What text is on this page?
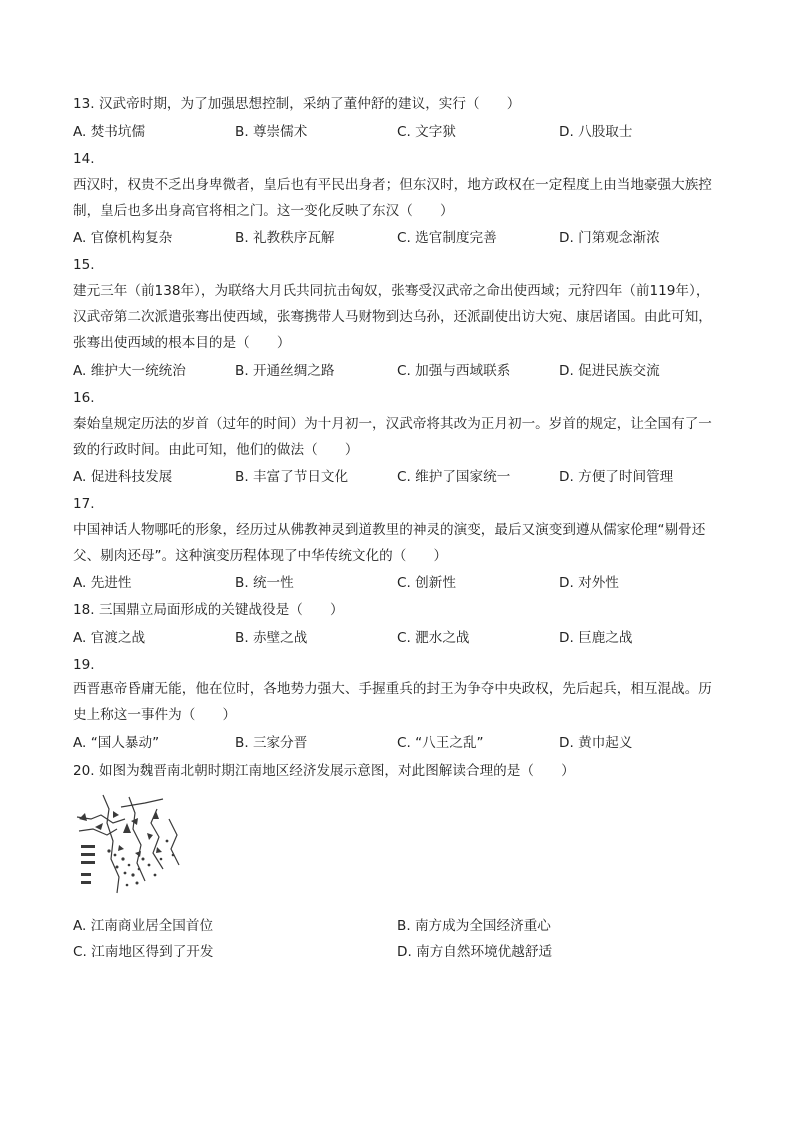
13. 汉武帝时期，为了加强思想控制，采纳了董仲舒的建议，实行（　　）
A. 焚书坑儒	B. 尊崇儒术	C. 文字狱	D. 八股取士
14.
西汉时，权贵不乏出身卑微者，皇后也有平民出身者；但东汉时，地方政权在一定程度上由当地豪强大族控制，皇后也多出身高官将相之门。这一变化反映了东汉（　　）
A. 官僚机构复杂	B. 礼教秩序瓦解	C. 选官制度完善	D. 门第观念渐浓
15.
建元三年（前138年），为联络大月氏共同抗击匈奴，张骞受汉武帝之命出使西域；元狩四年（前119年），汉武帝第二次派遣张骞出使西域，张骞携带人马财物到达乌孙，还派副使出访大宛、康居诸国。由此可知，张骞出使西域的根本目的是（　　）
A. 维护大一统统治	B. 开通丝绸之路	C. 加强与西域联系	D. 促进民族交流
16.
秦始皇规定历法的岁首（过年的时间）为十月初一，汉武帝将其改为正月初一。岁首的规定，让全国有了一致的行政时间。由此可知，他们的做法（　　）
A. 促进科技发展	B. 丰富了节日文化	C. 维护了国家统一	D. 方便了时间管理
17.
中国神话人物哪吒的形象，经历过从佛教神灵到道教里的神灵的演变，最后又演变到遵从儒家伦理“剔骨还父、剔肉还母”。这种演变历程体现了中华传统文化的（　　）
A. 先进性	B. 统一性	C. 创新性	D. 对外性
18. 三国鼎立局面形成的关键战役是（　　）
A. 官渡之战	B. 赤壁之战	C. 淝水之战	D. 巨鹿之战
19.
西晋惠帝昏庸无能，他在位时，各地势力强大、手握重兵的封王为争夺中央政权，先后起兵，相互混战。历史上称这一事件为（　　）
A. “国人暴动”	B. 三家分晋	C. “八王之乱”	D. 黄巾起义
20. 如图为魏晋南北朝时期江南地区经济发展示意图，对此图解读合理的是（　　）
A. 江南商业居全国首位	B. 南方成为全国经济重心
C. 江南地区得到了开发	D. 南方自然环境优越舒适
